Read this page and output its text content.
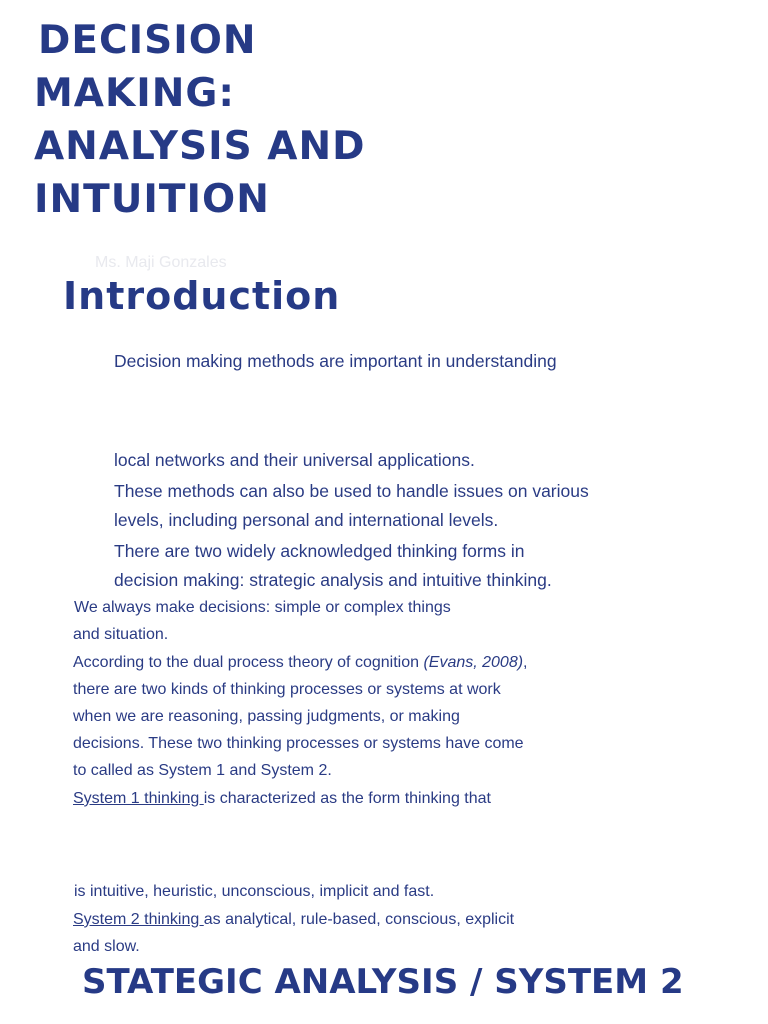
DECISION
MAKING:
ANALYSIS AND
INTUITION
Ms. Maji Gonzales
Introduction
Decision making methods are important in understanding
local networks and their universal applications.
These methods can also be used to handle issues on various
levels, including personal and international levels.
There are two widely acknowledged thinking forms in
decision making: strategic analysis and intuitive thinking.
We always make decisions: simple or complex things
and situation.
According to the dual process theory of cognition (Evans, 2008),
there are two kinds of thinking processes or systems at work
when we are reasoning, passing judgments, or making
decisions. These two thinking processes or systems have come
to called as System 1 and System 2.
System 1 thinking is characterized as the form thinking that
is intuitive, heuristic, unconscious, implicit and fast.
System 2 thinking as analytical, rule-based, conscious, explicit
and slow.
STATEGIC ANALYSIS / SYSTEM 2
